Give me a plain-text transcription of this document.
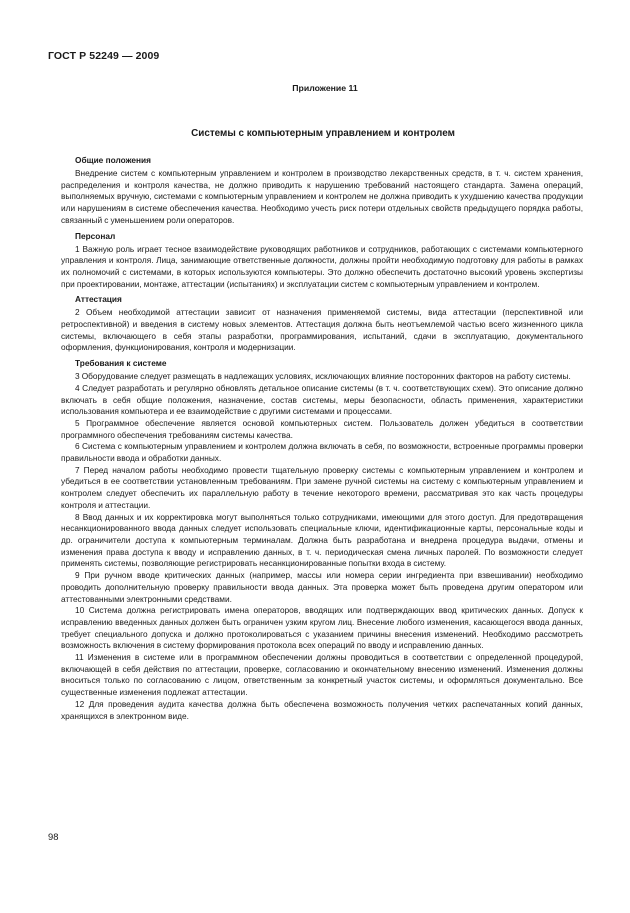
ГОСТ Р 52249 — 2009
Приложение 11
Системы с компьютерным управлением и контролем
Общие положения

Внедрение систем с компьютерным управлением и контролем в производство лекарственных средств, в т. ч. систем хранения, распределения и контроля качества, не должно приводить к нарушению требований настоящего стандарта. Замена операций, выполняемых вручную, системами с компьютерным управлением и контролем не должна приводить к ухудшению качества продукции или нарушениям в системе обеспечения качества. Необходимо учесть риск потери отдельных свойств предыдущего порядка работы, связанный с уменьшением роли операторов.

Персонал

1 Важную роль играет тесное взаимодействие руководящих работников и сотрудников, работающих с системами компьютерного управления и контроля. Лица, занимающие ответственные должности, должны пройти необходимую подготовку для работы в рамках их полномочий с системами, в которых используются компьютеры. Это должно обеспечить достаточно высокий уровень экспертизы при проектировании, монтаже, аттестации (испытаниях) и эксплуатации систем с компьютерным управлением и контролем.

Аттестация

2 Объем необходимой аттестации зависит от назначения применяемой системы, вида аттестации (перспективной или ретроспективной) и введения в систему новых элементов. Аттестация должна быть неотъемлемой частью всего жизненного цикла системы, включающего в себя этапы разработки, программирования, испытаний, сдачи в эксплуатацию, документального оформления, функционирования, контроля и модернизации.

Требования к системе

3 Оборудование следует размещать в надлежащих условиях, исключающих влияние посторонних факторов на работу системы.

4 Следует разработать и регулярно обновлять детальное описание системы (в т. ч. соответствующих схем). Это описание должно включать в себя общие положения, назначение, состав системы, меры безопасности, область применения, характеристики использования компьютера и ее взаимодействие с другими системами и процессами.

5 Программное обеспечение является основой компьютерных систем. Пользователь должен убедиться в соответствии программного обеспечения требованиям системы качества.

6 Система с компьютерным управлением и контролем должна включать в себя, по возможности, встроенные программы проверки правильности ввода и обработки данных.

7 Перед началом работы необходимо провести тщательную проверку системы с компьютерным управлением и контролем и убедиться в ее соответствии установленным требованиям. При замене ручной системы на систему с компьютерным управлением и контролем следует обеспечить их параллельную работу в течение некоторого времени, рассматривая это как часть процедуры контроля и аттестации.

8 Ввод данных и их корректировка могут выполняться только сотрудниками, имеющими для этого доступ. Для предотвращения несанкционированного ввода данных следует использовать специальные ключи, идентификационные карты, персональные коды и др. ограничители доступа к компьютерным терминалам. Должна быть разработана и внедрена процедура выдачи, отмены и изменения права доступа к вводу и исправлению данных, в т. ч. периодическая смена личных паролей. По возможности следует применять системы, позволяющие регистрировать несанкционированные попытки входа в систему.

9 При ручном вводе критических данных (например, массы или номера серии ингредиента при взвешивании) необходимо проводить дополнительную проверку правильности ввода данных. Эта проверка может быть проведена другим оператором или аттестованными электронными средствами.

10 Система должна регистрировать имена операторов, вводящих или подтверждающих ввод критических данных. Допуск к исправлению введенных данных должен быть ограничен узким кругом лиц. Внесение любого изменения, касающегося ввода данных, требует специального допуска и должно протоколироваться с указанием причины внесения изменений. Необходимо рассмотреть возможность включения в систему формирования протокола всех операций по вводу и исправлению данных.

11 Изменения в системе или в программном обеспечении должны проводиться в соответствии с определенной процедурой, включающей в себя действия по аттестации, проверке, согласованию и окончательному внесению изменений. Изменения должны вноситься только по согласованию с лицом, ответственным за конкретный участок системы, и оформляться документально. Все существенные изменения подлежат аттестации.

12 Для проведения аудита качества должна быть обеспечена возможность получения четких распечатанных копий данных, хранящихся в электронном виде.

98
